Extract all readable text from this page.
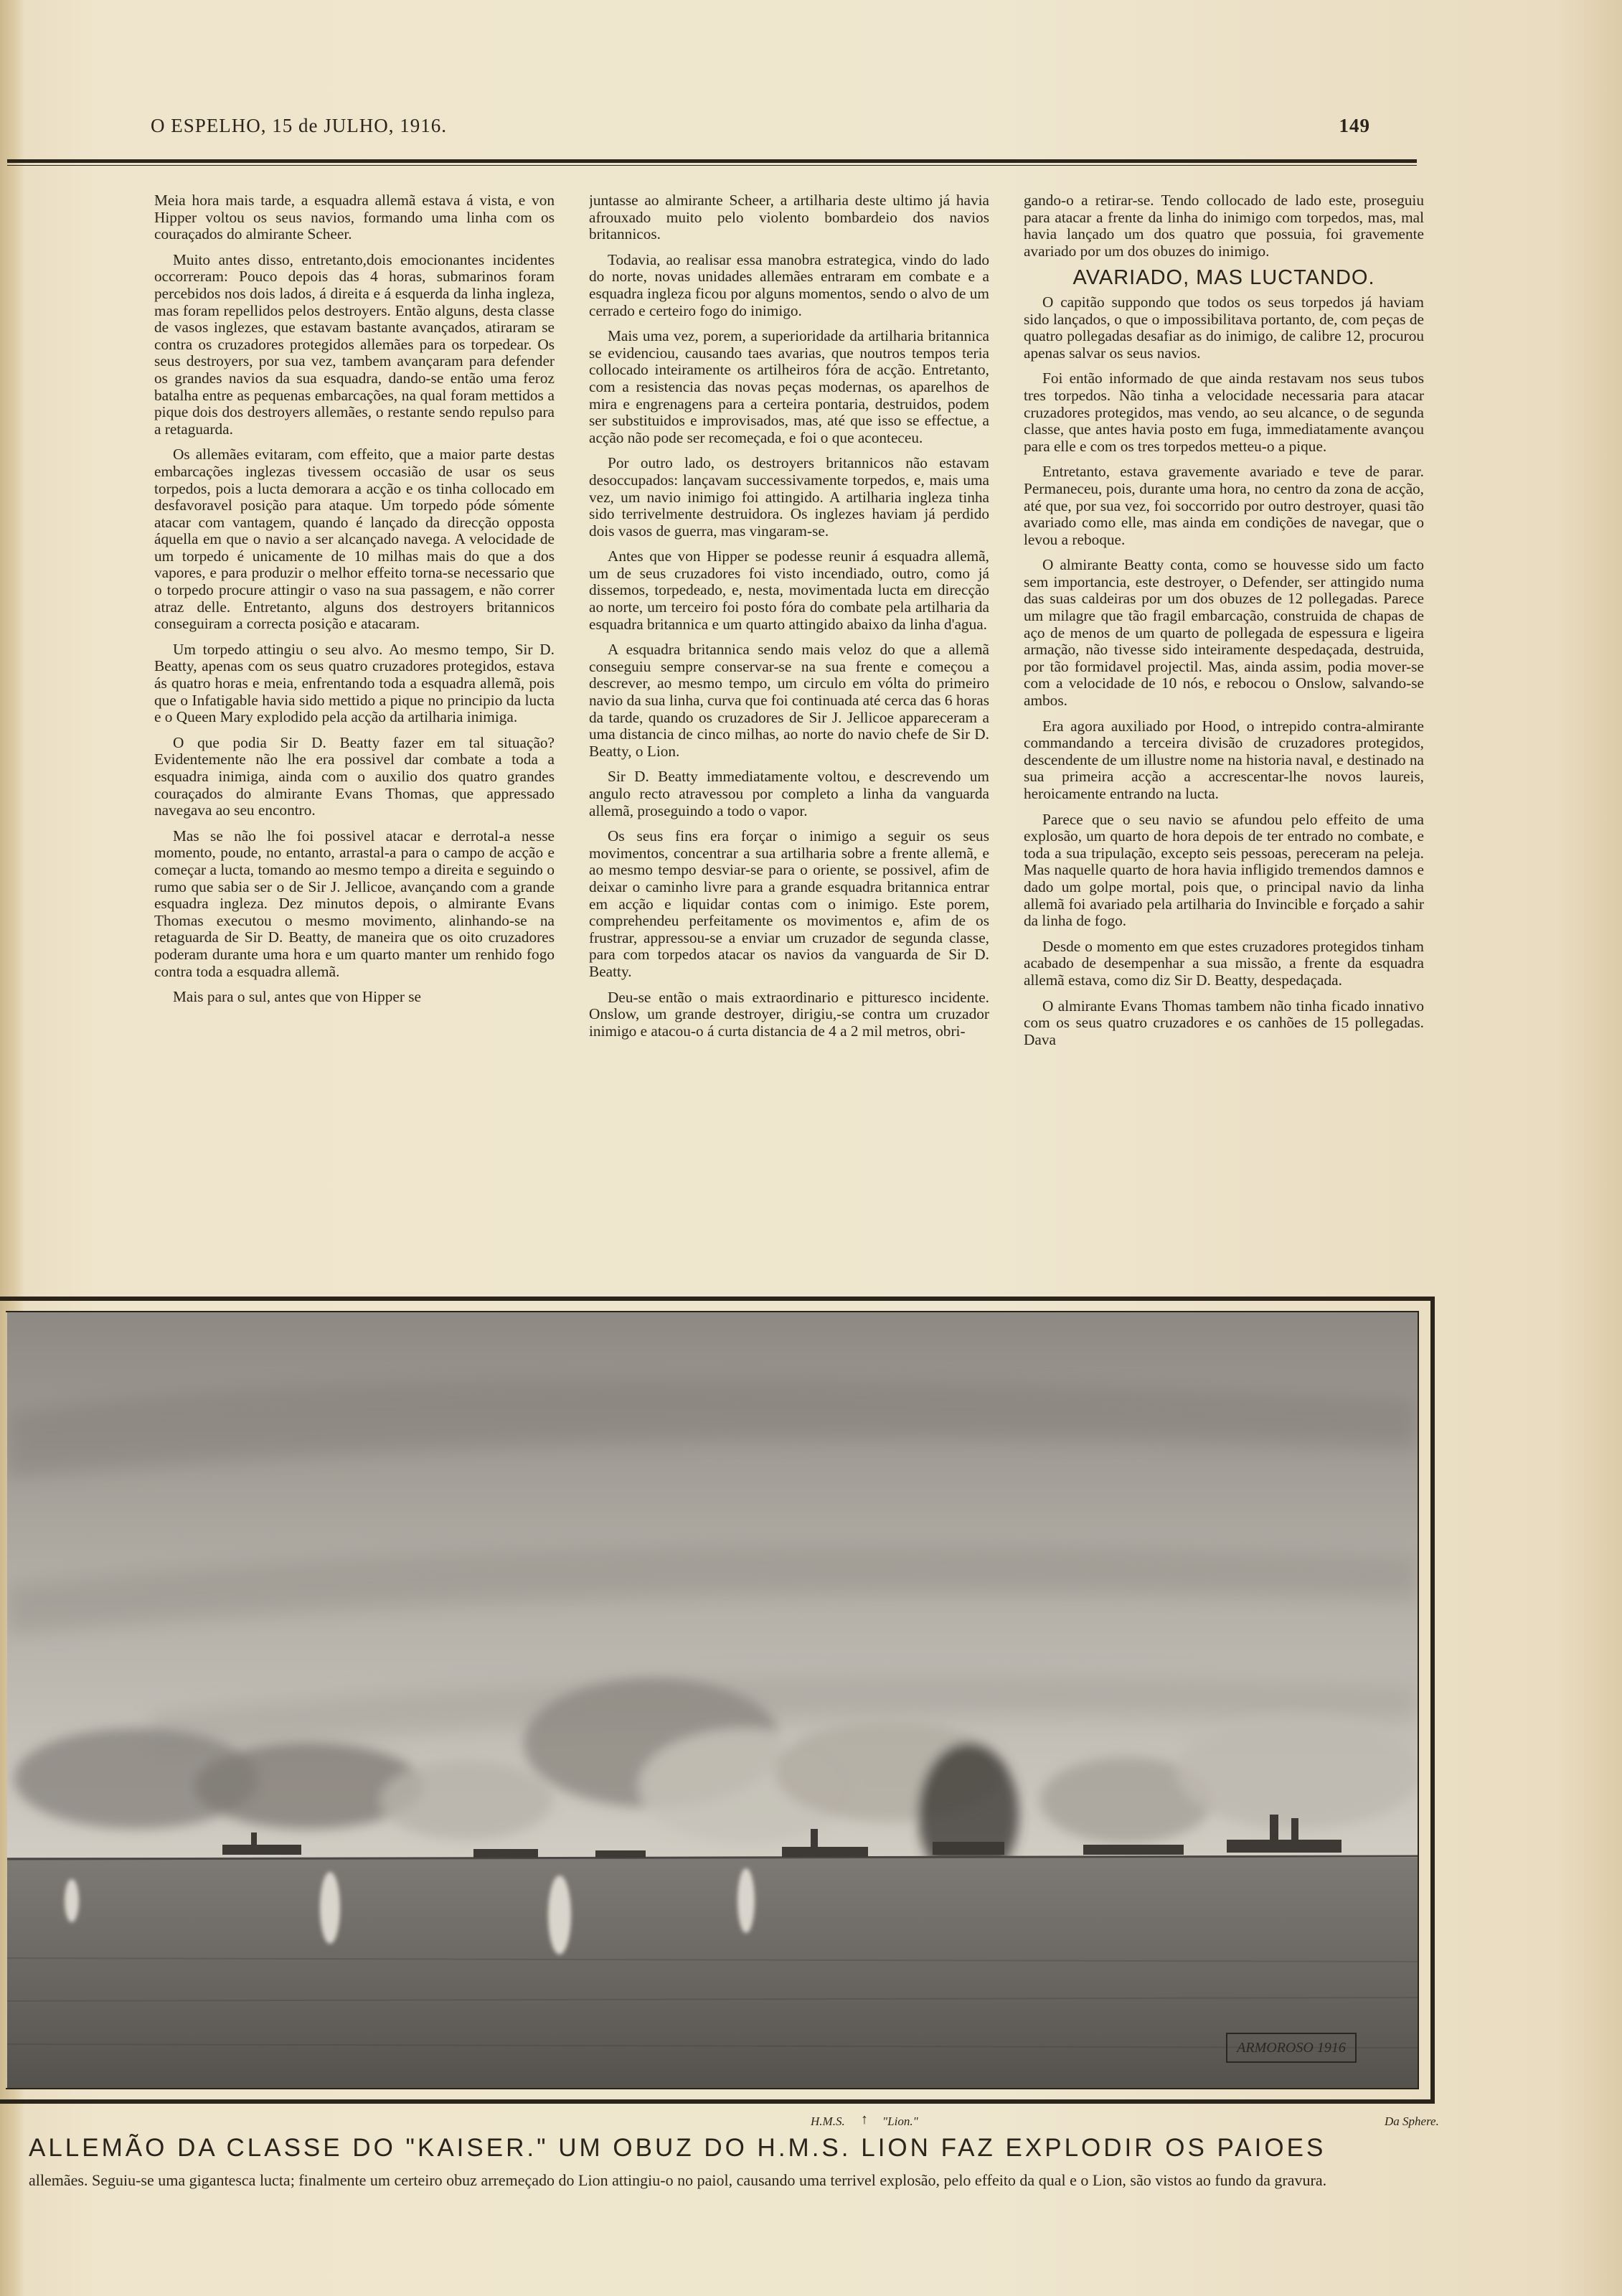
O ESPELHO, 15 de JULHO, 1916.	149

Meia hora mais tarde, a esquadra allemã estava á vista, e von Hipper voltou os seus navios, formando uma linha com os couraçados do almirante Scheer.

Muito antes disso, entretanto,dois emocionantes incidentes occorreram: Pouco depois das 4 horas, submarinos foram percebidos nos dois lados, á direita e á esquerda da linha ingleza, mas foram repellidos pelos destroyers. Então alguns, desta classe de vasos inglezes, que estavam bastante avançados, atiraram se contra os cruzadores protegidos allemães para os torpedear. Os seus destroyers, por sua vez, tambem avançaram para defender os grandes navios da sua esquadra, dando-se então uma feroz batalha entre as pequenas embarcações, na qual foram mettidos a pique dois dos destroyers allemães, o restante sendo repulso para a retaguarda.

Os allemães evitaram, com effeito, que a maior parte destas embarcações inglezas tivessem occasião de usar os seus torpedos, pois a lucta demorara a acção e os tinha collocado em desfavoravel posição para ataque. Um torpedo póde sómente atacar com vantagem, quando é lançado da direcção opposta áquella em que o navio a ser alcançado navega. A velocidade de um torpedo é unicamente de 10 milhas mais do que a dos vapores, e para produzir o melhor effeito torna-se necessario que o torpedo procure attingir o vaso na sua passagem, e não correr atraz delle. Entretanto, alguns dos destroyers britannicos conseguiram a correcta posição e atacaram.

Um torpedo attingiu o seu alvo. Ao mesmo tempo, Sir D. Beatty, apenas com os seus quatro cruzadores protegidos, estava ás quatro horas e meia, enfrentando toda a esquadra allemã, pois que o Infatigable havia sido mettido a pique no principio da lucta e o Queen Mary explodido pela acção da artilharia inimiga.

O que podia Sir D. Beatty fazer em tal situação? Evidentemente não lhe era possivel dar combate a toda a esquadra inimiga, ainda com o auxilio dos quatro grandes couraçados do almirante Evans Thomas, que appressado navegava ao seu encontro.

Mas se não lhe foi possivel atacar e derrotal-a nesse momento, poude, no entanto, arrastal-a para o campo de acção e começar a lucta, tomando ao mesmo tempo a direita e seguindo o rumo que sabia ser o de Sir J. Jellicoe, avançando com a grande esquadra ingleza. Dez minutos depois, o almirante Evans Thomas executou o mesmo movimento, alinhando-se na retaguarda de Sir D. Beatty, de maneira que os oito cruzadores poderam durante uma hora e um quarto manter um renhido fogo contra toda a esquadra allemã.

Mais para o sul, antes que von Hipper se

juntasse ao almirante Scheer, a artilharia deste ultimo já havia afrouxado muito pelo violento bombardeio dos navios britannicos.

Todavia, ao realisar essa manobra estrategica, vindo do lado do norte, novas unidades allemães entraram em combate e a esquadra ingleza ficou por alguns momentos, sendo o alvo de um cerrado e certeiro fogo do inimigo.

Mais uma vez, porem, a superioridade da artilharia britannica se evidenciou, causando taes avarias, que noutros tempos teria collocado inteiramente os artilheiros fóra de acção. Entretanto, com a resistencia das novas peças modernas, os aparelhos de mira e engrenagens para a certeira pontaria, destruidos, podem ser substituidos e improvisados, mas, até que isso se effectue, a acção não pode ser recomeçada, e foi o que aconteceu.

Por outro lado, os destroyers britannicos não estavam desoccupados: lançavam successivamente torpedos, e, mais uma vez, um navio inimigo foi attingido. A artilharia ingleza tinha sido terrivelmente destruidora. Os inglezes haviam já perdido dois vasos de guerra, mas vingaram-se.

Antes que von Hipper se podesse reunir á esquadra allemã, um de seus cruzadores foi visto incendiado, outro, como já dissemos, torpedeado, e, nesta, movimentada lucta em direcção ao norte, um terceiro foi posto fóra do combate pela artilharia da esquadra britannica e um quarto attingido abaixo da linha d'agua.

A esquadra britannica sendo mais veloz do que a allemã conseguiu sempre conservar-se na sua frente e começou a descrever, ao mesmo tempo, um circulo em vólta do primeiro navio da sua linha, curva que foi continuada até cerca das 6 horas da tarde, quando os cruzadores de Sir J. Jellicoe appareceram a uma distancia de cinco milhas, ao norte do navio chefe de Sir D. Beatty, o Lion.

Sir D. Beatty immediatamente voltou, e descrevendo um angulo recto atravessou por completo a linha da vanguarda allemã, proseguindo a todo o vapor.

Os seus fins era forçar o inimigo a seguir os seus movimentos, concentrar a sua artilharia sobre a frente allemã, e ao mesmo tempo desviar-se para o oriente, se possivel, afim de deixar o caminho livre para a grande esquadra britannica entrar em acção e liquidar contas com o inimigo. Este porem, comprehendeu perfeitamente os movimentos e, afim de os frustrar, appressou-se a enviar um cruzador de segunda classe, para com torpedos atacar os navios da vanguarda de Sir D. Beatty.

Deu-se então o mais extraordinario e pitturesco incidente. Onslow, um grande destroyer, dirigiu,-se contra um cruzador inimigo e atacou-o á curta distancia de 4 a 2 mil metros, obri-

gando-o a retirar-se. Tendo collocado de lado este, proseguiu para atacar a frente da linha do inimigo com torpedos, mas, mal havia lançado um dos quatro que possuia, foi gravemente avariado por um dos obuzes do inimigo.

AVARIADO, MAS LUCTANDO.

O capitão suppondo que todos os seus torpedos já haviam sido lançados, o que o impossibilitava portanto, de, com peças de quatro pollegadas desafiar as do inimigo, de calibre 12, procurou apenas salvar os seus navios.

Foi então informado de que ainda restavam nos seus tubos tres torpedos. Não tinha a velocidade necessaria para atacar cruzadores protegidos, mas vendo, ao seu alcance, o de segunda classe, que antes havia posto em fuga, immediatamente avançou para elle e com os tres torpedos metteu-o a pique.

Entretanto, estava gravemente avariado e teve de parar. Permaneceu, pois, durante uma hora, no centro da zona de acção, até que, por sua vez, foi soccorrido por outro destroyer, quasi tão avariado como elle, mas ainda em condições de navegar, que o levou a reboque.

O almirante Beatty conta, como se houvesse sido um facto sem importancia, este destroyer, o Defender, ser attingido numa das suas caldeiras por um dos obuzes de 12 pollegadas. Parece um milagre que tão fragil embarcação, construida de chapas de aço de menos de um quarto de pollegada de espessura e ligeira armação, não tivesse sido inteiramente despedaçada, destruida, por tão formidavel projectil. Mas, ainda assim, podia mover-se com a velocidade de 10 nós, e rebocou o Onslow, salvando-se ambos.

Era agora auxiliado por Hood, o intrepido contra-almirante commandando a terceira divisão de cruzadores protegidos, descendente de um illustre nome na historia naval, e destinado na sua primeira acção a accrescentar-lhe novos laureis, heroicamente entrando na lucta.

Parece que o seu navio se afundou pelo effeito de uma explosão, um quarto de hora depois de ter entrado no combate, e toda a sua tripulação, excepto seis pessoas, pereceram na peleja. Mas naquelle quarto de hora havia infligido tremendos damnos e dado um golpe mortal, pois que, o principal navio da linha allemã foi avariado pela artilharia do Invincible e forçado a sahir da linha de fogo.

Desde o momento em que estes cruzadores protegidos tinham acabado de desempenhar a sua missão, a frente da esquadra allemã estava, como diz Sir D. Beatty, despedaçada.

O almirante Evans Thomas tambem não tinha ficado innativo com os seus quatro cruzadores e os canhões de 15 pollegadas. Dava

ARMOROSO 1916
H.M.S. ↑ "Lion."	Da Sphere.
ALLEMÃO DA CLASSE DO "KAISER." UM OBUZ DO H.M.S. LION FAZ EXPLODIR OS PAIOES
allemães. Seguiu-se uma gigantesca lucta; finalmente um certeiro obuz arremeçado do Lion attingiu-o no paiol, causando uma terrivel explosão, pelo effeito da qual e o Lion, são vistos ao fundo da gravura.
